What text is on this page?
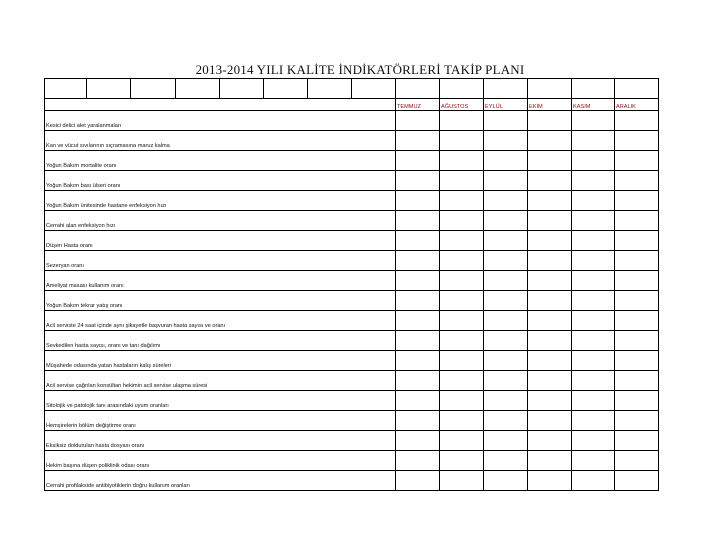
2013-2014 YILI KALİTE İNDİKATÖRLERİ TAKİP PLANI

								TEMMUZ	AĞUSTOS	EYLÜL	EKİM	KASIM	ARALIK

Kesici delici alet yaralanmaları													

Kan ve vücut sıvılarının sıçramasına maruz kalma													

Yoğun Bakım mortalite oranı													

Yoğun Bakım bası ülseri oranı													

Yoğun Bakım ünitesinde hastane enfeksiyon hızı													

Cerrahi alan enfeksiyon hızı													

Düşen Hasta oranı													

Sezeryan oranı													

Ameliyat masası kullanım oranı													

Yoğun Bakım tekrar yatış oranı													

Acil serviste 24 saat içinde aynı şikayetle başvuran hasta sayısı ve oranı													

Sevkedilen hasta sayısı, oranı ve tanı dağılımı													

Müşahede odasında yatan hastaların kalış süreleri													

Acil servise çağrılan konsültan hekimin acil servise ulaşma süresi													

Sitolojik ve patolojik tanı arasındaki uyum oranları													

Hemşirelerin bölüm değiştirme oranı													

Eksiksiz doldurulan hasta dosyası oranı													

Hekim başına düşen poliklinik odası oranı													

Cerrahi profilakside antibiyotiklerin doğru kullanım oranları													
